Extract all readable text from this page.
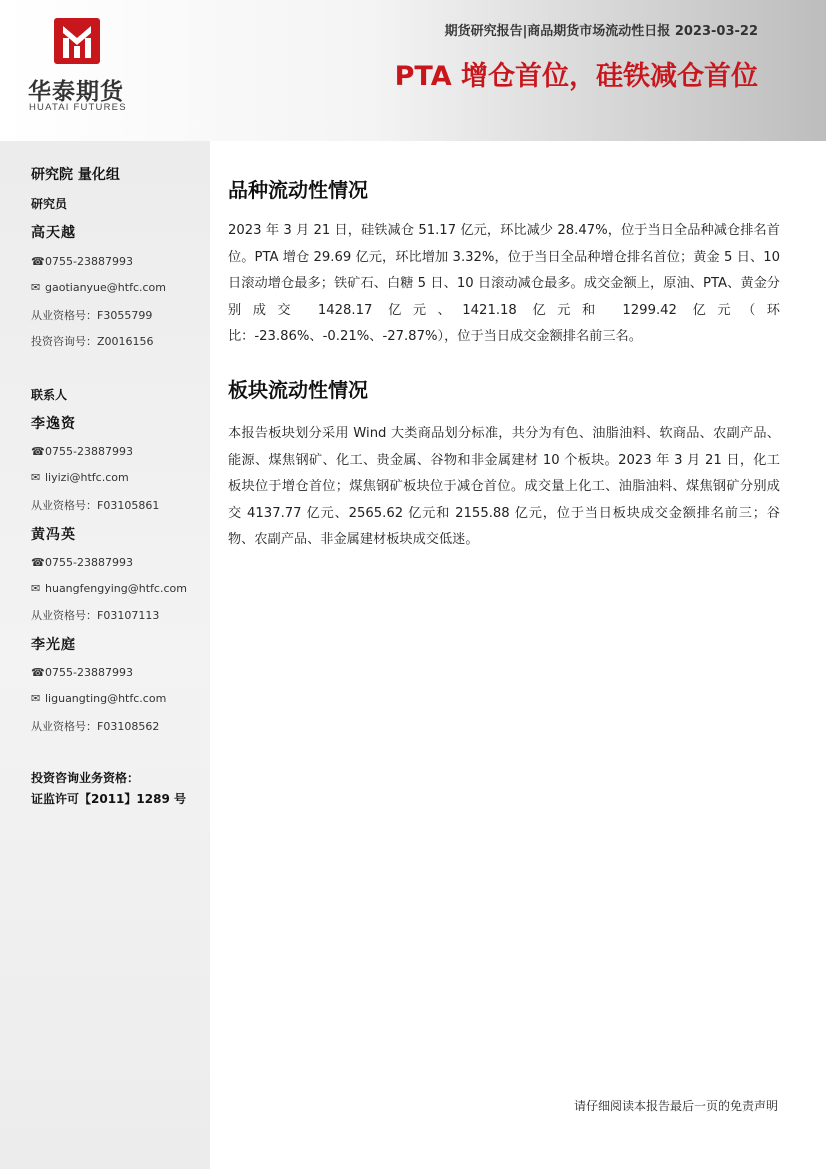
华泰期货
HUATAI FUTURES
期货研究报告|商品期货市场流动性日报 2023-03-22
PTA 增仓首位，硅铁减仓首位
研究院 量化组
研究员
高天越
☎0755-23887993
✉ gaotianyue@htfc.com
从业资格号：F3055799
投资咨询号：Z0016156
联系人
李逸资
☎0755-23887993
✉ liyizi@htfc.com
从业资格号：F03105861
黄冯英
☎0755-23887993
✉ huangfengying@htfc.com
从业资格号：F03107113
李光庭
☎0755-23887993
✉ liguangting@htfc.com
从业资格号：F03108562
投资咨询业务资格：
证监许可【2011】1289 号
品种流动性情况
2023 年 3 月 21 日，硅铁减仓 51.17 亿元，环比减少 28.47%，位于当日全品种减仓排名首位。PTA 增仓 29.69 亿元，环比增加 3.32%，位于当日全品种增仓排名首位；黄金 5 日、10 日滚动增仓最多；铁矿石、白糖 5 日、10 日滚动减仓最多。成交金额上，原油、PTA、黄金分别成交 1428.17 亿元、1421.18 亿元和 1299.42 亿元（环比：-23.86%、-0.21%、-27.87%），位于当日成交金额排名前三名。
板块流动性情况
本报告板块划分采用 Wind 大类商品划分标准，共分为有色、油脂油料、软商品、农副产品、能源、煤焦钢矿、化工、贵金属、谷物和非金属建材 10 个板块。2023 年 3 月 21 日，化工板块位于增仓首位；煤焦钢矿板块位于减仓首位。成交量上化工、油脂油料、煤焦钢矿分别成交 4137.77 亿元、2565.62 亿元和 2155.88 亿元，位于当日板块成交金额排名前三；谷物、农副产品、非金属建材板块成交低迷。
请仔细阅读本报告最后一页的免责声明
